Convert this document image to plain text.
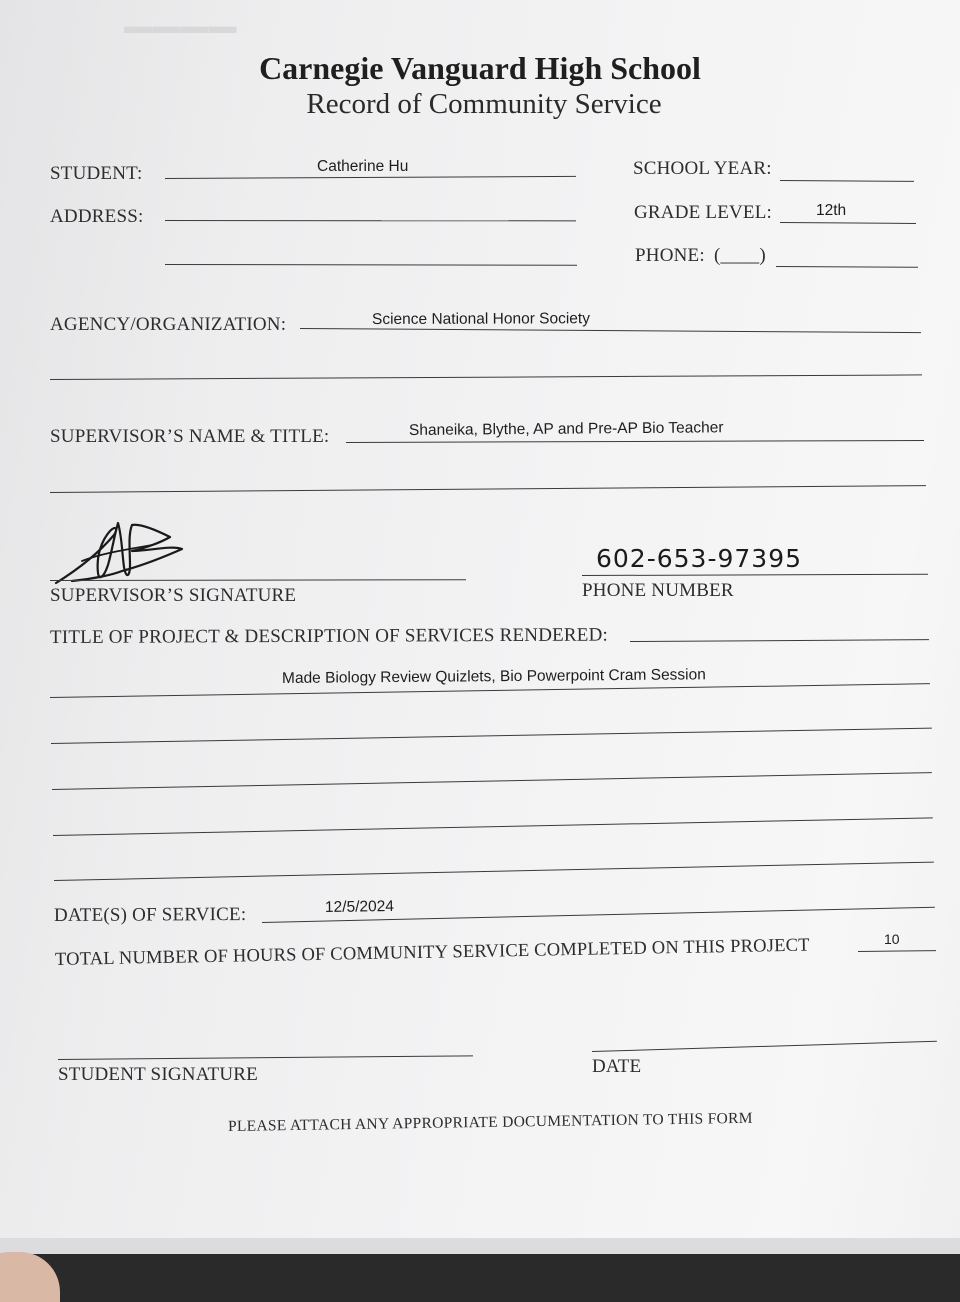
▔▔▔▔
Carnegie Vanguard High School
Record of Community Service
STUDENT:	Catherine Hu	SCHOOL YEAR:
ADDRESS:	GRADE LEVEL:	12th
PHONE: (____)
AGENCY/ORGANIZATION:	Science National Honor Society
SUPERVISOR’S NAME & TITLE:	Shaneika, Blythe, AP and Pre-AP Bio Teacher
SUPERVISOR’S SIGNATURE
602-653-97395
PHONE NUMBER
TITLE OF PROJECT & DESCRIPTION OF SERVICES RENDERED:
Made Biology Review Quizlets, Bio Powerpoint Cram Session
DATE(S) OF SERVICE:	12/5/2024
TOTAL NUMBER OF HOURS OF COMMUNITY SERVICE COMPLETED ON THIS PROJECT	10
STUDENT SIGNATURE	DATE
PLEASE ATTACH ANY APPROPRIATE DOCUMENTATION TO THIS FORM
